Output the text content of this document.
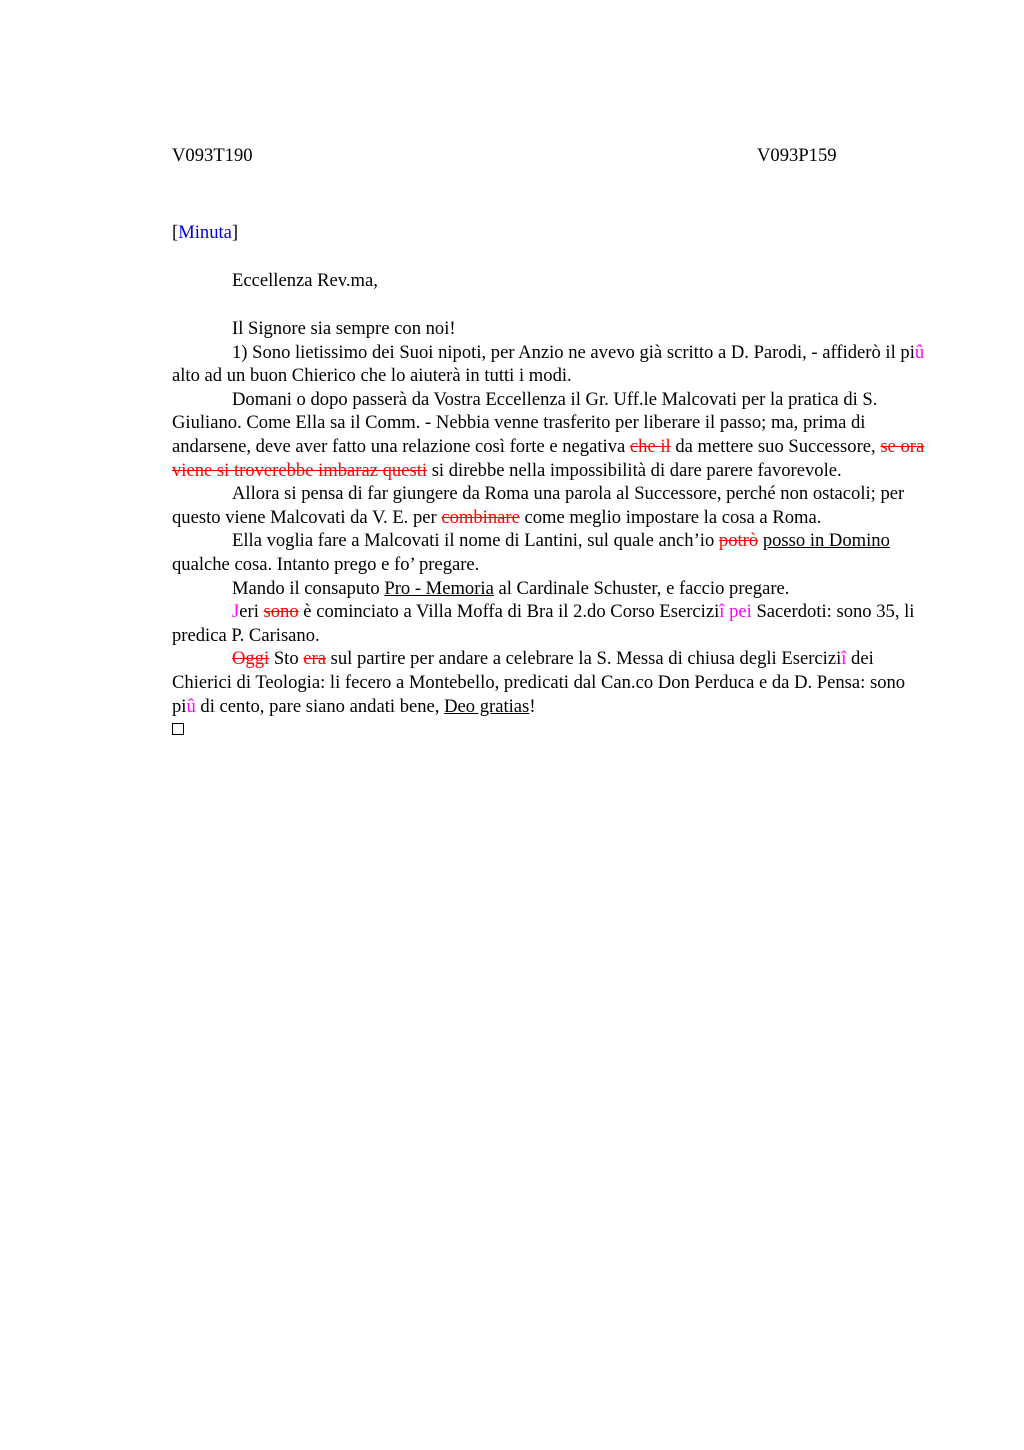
V093T190	V093P159
[Minuta]
Eccellenza Rev.ma,

Il Signore sia sempre con noi!

1) Sono lietissimo dei Suoi nipoti, per Anzio ne avevo già scritto a D. Parodi, - affiderò il piû alto ad un buon Chierico che lo aiuterà in tutti i modi.

Domani o dopo passerà da Vostra Eccellenza il Gr. Uff.le Malcovati per la pratica di S. Giuliano. Come Ella sa il Comm. - Nebbia venne trasferito per liberare il passo; ma, prima di andarsene, deve aver fatto una relazione così forte e negativa che il da mettere suo Successore, se ora viene si troverebbe imbaraz questi si direbbe nella impossibilità di dare parere favorevole.

Allora si pensa di far giungere da Roma una parola al Successore, perché non ostacoli; per questo viene Malcovati da V. E. per combinare come meglio impostare la cosa a Roma.

Ella voglia fare a Malcovati il nome di Lantini, sul quale anch’io potrò posso in Domino qualche cosa. Intanto prego e fo’ pregare.

Mando il consaputo Pro - Memoria al Cardinale Schuster, e faccio pregare.

Jeri sono è cominciato a Villa Moffa di Bra il 2.do Corso Eserciziî pei Sacerdoti: sono 35, li predica P. Carisano.

Oggi Sto era sul partire per andare a celebrare la S. Messa di chiusa degli Eserciziî dei Chierici di Teologia: li fecero a Montebello, predicati dal Can.co Don Perduca e da D. Pensa: sono piû di cento, pare siano andati bene, Deo gratias!
